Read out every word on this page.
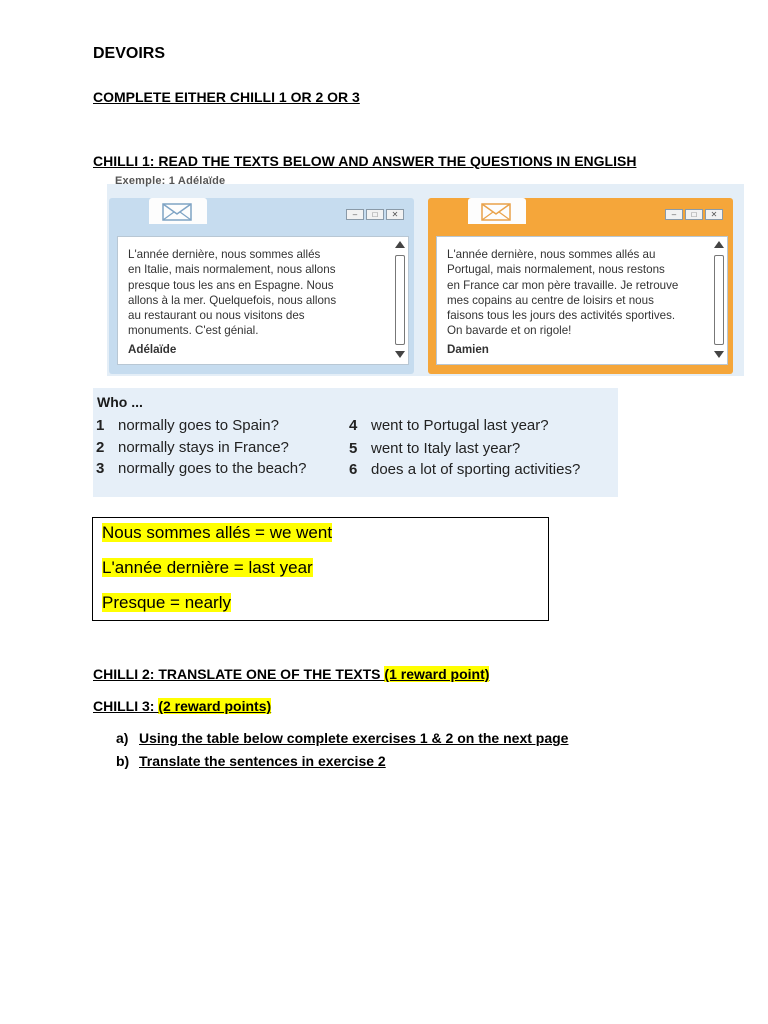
DEVOIRS
COMPLETE EITHER CHILLI 1 OR 2 OR 3
CHILLI 1: READ THE TEXTS BELOW AND ANSWER THE QUESTIONS IN ENGLISH
Exemple: 1 Adélaïde
– □ ✕
L'année dernière, nous sommes allés
en Italie, mais normalement, nous allons
presque tous les ans en Espagne. Nous
allons à la mer. Quelquefois, nous allons
au restaurant ou nous visitons des
monuments. C'est génial.
Adélaïde
– □ ✕
L'année dernière, nous sommes allés au
Portugal, mais normalement, nous restons
en France car mon père travaille. Je retrouve
mes copains au centre de loisirs et nous
faisons tous les jours des activités sportives.
On bavarde et on rigole!
Damien
Who ...
1 normally goes to Spain?
2 normally stays in France?
3 normally goes to the beach?
4 went to Portugal last year?
5 went to Italy last year?
6 does a lot of sporting activities?
Nous sommes allés = we went
L'année dernière = last year
Presque = nearly
CHILLI 2: TRANSLATE ONE OF THE TEXTS (1 reward point)
CHILLI 3: (2 reward points)
a) Using the table below complete exercises 1 & 2 on the next page
b) Translate the sentences in exercise 2
